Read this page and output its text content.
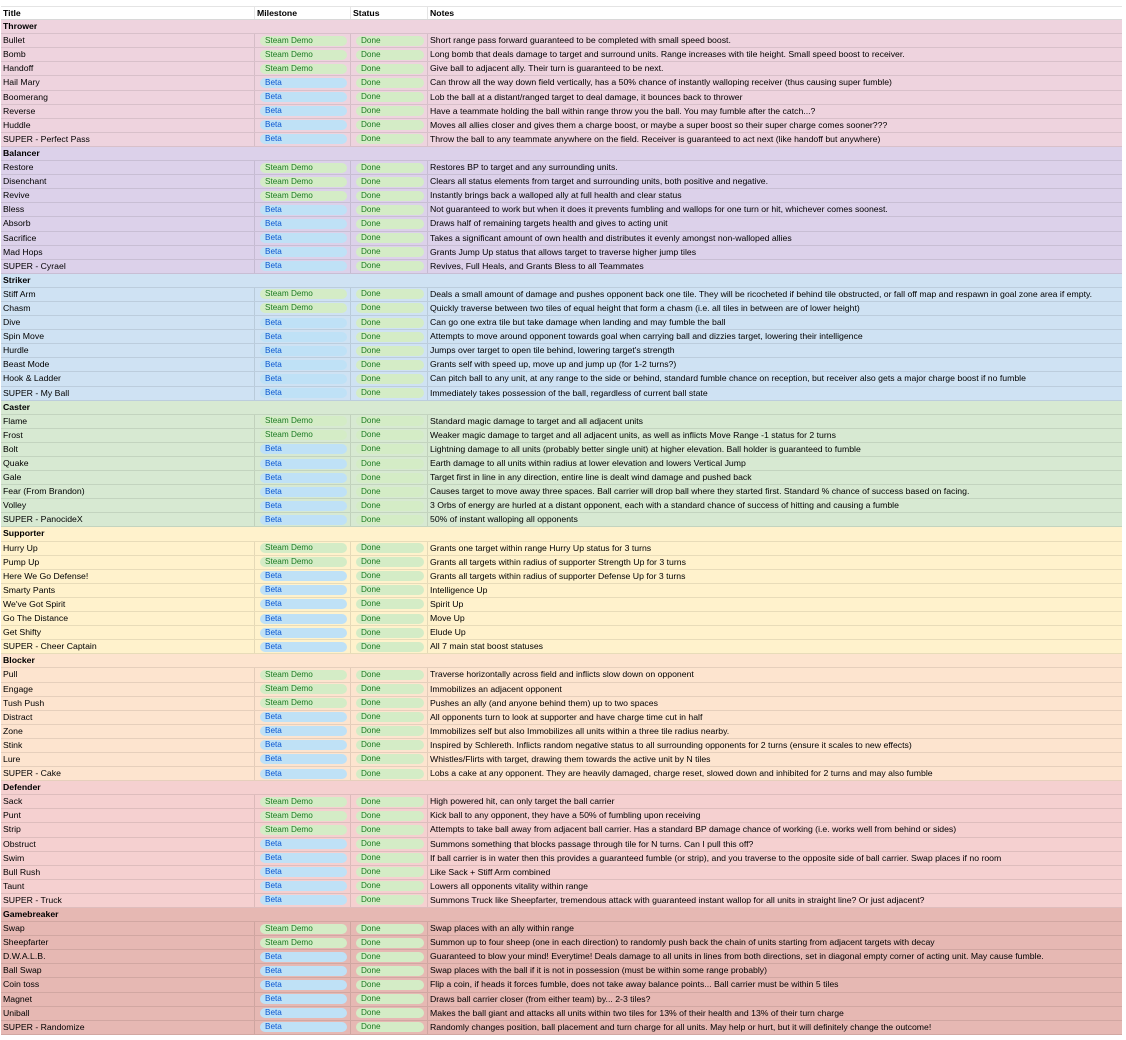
Title	Milestone	Status	Notes
Thrower
Bullet	Steam Demo	Done	Short range pass forward guaranteed to be completed with small speed boost.
Bomb	Steam Demo	Done	Long bomb that deals damage to target and surround units. Range increases with tile height. Small speed boost to receiver.
Handoff	Steam Demo	Done	Give ball to adjacent ally. Their turn is guaranteed to be next.
Hail Mary	Beta	Done	Can throw all the way down field vertically, has a 50% chance of instantly walloping receiver (thus causing super fumble)
Boomerang	Beta	Done	Lob the ball at a distant/ranged target to deal damage, it bounces back to thrower
Reverse	Beta	Done	Have a teammate holding the ball within range throw you the ball. You may fumble after the catch...?
Huddle	Beta	Done	Moves all allies closer and gives them a charge boost, or maybe a super boost so their super charge comes sooner???
SUPER - Perfect Pass	Beta	Done	Throw the ball to any teammate anywhere on the field. Receiver is guaranteed to act next (like handoff but anywhere)
Balancer
Restore	Steam Demo	Done	Restores BP to target and any surrounding units.
Disenchant	Steam Demo	Done	Clears all status elements from target and surrounding units, both positive and negative.
Revive	Steam Demo	Done	Instantly brings back a walloped ally at full health and clear status
Bless	Beta	Done	Not guaranteed to work but when it does it prevents fumbling and wallops for one turn or hit, whichever comes soonest.
Absorb	Beta	Done	Draws half of remaining targets health and gives to acting unit
Sacrifice	Beta	Done	Takes a significant amount of own health and distributes it evenly amongst non-walloped allies
Mad Hops	Beta	Done	Grants Jump Up status that allows target to traverse higher jump tiles
SUPER - Cyrael	Beta	Done	Revives, Full Heals, and Grants Bless to all Teammates
Striker
Stiff Arm	Steam Demo	Done	Deals a small amount of damage and pushes opponent back one tile. They will be ricocheted if behind tile obstructed, or fall off map and respawn in goal zone area if empty.
Chasm	Steam Demo	Done	Quickly traverse between two tiles of equal height that form a chasm (i.e. all tiles in between are of lower height)
Dive	Beta	Done	Can go one extra tile but take damage when landing and may fumble the ball
Spin Move	Beta	Done	Attempts to move around opponent towards goal when carrying ball and dizzies target, lowering their intelligence
Hurdle	Beta	Done	Jumps over target to open tile behind, lowering target's strength
Beast Mode	Beta	Done	Grants self with speed up, move up and jump up (for 1-2 turns?)
Hook & Ladder	Beta	Done	Can pitch ball to any unit, at any range to the side or behind, standard fumble chance on reception, but receiver also gets a major charge boost if no fumble
SUPER - My Ball	Beta	Done	Immediately takes possession of the ball, regardless of current ball state
Caster
Flame	Steam Demo	Done	Standard magic damage to target and all adjacent units
Frost	Steam Demo	Done	Weaker magic damage to target and all adjacent units, as well as inflicts Move Range -1 status for 2 turns
Bolt	Beta	Done	Lightning damage to all units (probably better single unit) at higher elevation. Ball holder is guaranteed to fumble
Quake	Beta	Done	Earth damage to all units within radius at lower elevation and lowers Vertical Jump
Gale	Beta	Done	Target first in line in any direction, entire line is dealt wind damage and pushed back
Fear (From Brandon)	Beta	Done	Causes target to move away three spaces. Ball carrier will drop ball where they started first. Standard % chance of success based on facing.
Volley	Beta	Done	3 Orbs of energy are hurled at a distant opponent, each with a standard chance of success of hitting and causing a fumble
SUPER - PanocideX	Beta	Done	50% of instant walloping all opponents
Supporter
Hurry Up	Steam Demo	Done	Grants one target within range Hurry Up status for 3 turns
Pump Up	Steam Demo	Done	Grants all targets within radius of supporter Strength Up for 3 turns
Here We Go Defense!	Beta	Done	Grants all targets within radius of supporter Defense Up for 3 turns
Smarty Pants	Beta	Done	Intelligence Up
We've Got Spirit	Beta	Done	Spirit Up
Go The Distance	Beta	Done	Move Up
Get Shifty	Beta	Done	Elude Up
SUPER - Cheer Captain	Beta	Done	All 7 main stat boost statuses
Blocker
Pull	Steam Demo	Done	Traverse horizontally across field and inflicts slow down on opponent
Engage	Steam Demo	Done	Immobilizes an adjacent opponent
Tush Push	Steam Demo	Done	Pushes an ally (and anyone behind them) up to two spaces
Distract	Beta	Done	All opponents turn to look at supporter and have charge time cut in half
Zone	Beta	Done	Immobilizes self but also Immobilizes all units within a three tile radius nearby.
Stink	Beta	Done	Inspired by Schlereth. Inflicts random negative status to all surrounding opponents for 2 turns (ensure it scales to new effects)
Lure	Beta	Done	Whistles/Flirts with target, drawing them towards the active unit by N tiles
SUPER - Cake	Beta	Done	Lobs a cake at any opponent. They are heavily damaged, charge reset, slowed down and inhibited for 2 turns and may also fumble
Defender
Sack	Steam Demo	Done	High powered hit, can only target the ball carrier
Punt	Steam Demo	Done	Kick ball to any opponent, they have a 50% of fumbling upon receiving
Strip	Steam Demo	Done	Attempts to take ball away from adjacent ball carrier. Has a standard BP damage chance of working (i.e. works well from behind or sides)
Obstruct	Beta	Done	Summons something that blocks passage through tile for N turns. Can I pull this off?
Swim	Beta	Done	If ball carrier is in water then this provides a guaranteed fumble (or strip), and you traverse to the opposite side of ball carrier. Swap places if no room
Bull Rush	Beta	Done	Like Sack + Stiff Arm combined
Taunt	Beta	Done	Lowers all opponents vitality within range
SUPER - Truck	Beta	Done	Summons Truck like Sheepfarter, tremendous attack with guaranteed instant wallop for all units in straight line? Or just adjacent?
Gamebreaker
Swap	Steam Demo	Done	Swap places with an ally within range
Sheepfarter	Steam Demo	Done	Summon up to four sheep (one in each direction) to randomly push back the chain of units starting from adjacent targets with decay
D.W.A.L.B.	Beta	Done	Guaranteed to blow your mind! Everytime! Deals damage to all units in lines from both directions, set in diagonal empty corner of acting unit. May cause fumble.
Ball Swap	Beta	Done	Swap places with the ball if it is not in possession (must be within some range probably)
Coin toss	Beta	Done	Flip a coin, if heads it forces fumble, does not take away balance points... Ball carrier must be within 5 tiles
Magnet	Beta	Done	Draws ball carrier closer (from either team) by... 2-3 tiles?
Uniball	Beta	Done	Makes the ball giant and attacks all units within two tiles for 13% of their health and 13% of their turn charge
SUPER - Randomize	Beta	Done	Randomly changes position, ball placement and turn charge for all units. May help or hurt, but it will definitely change the outcome!
